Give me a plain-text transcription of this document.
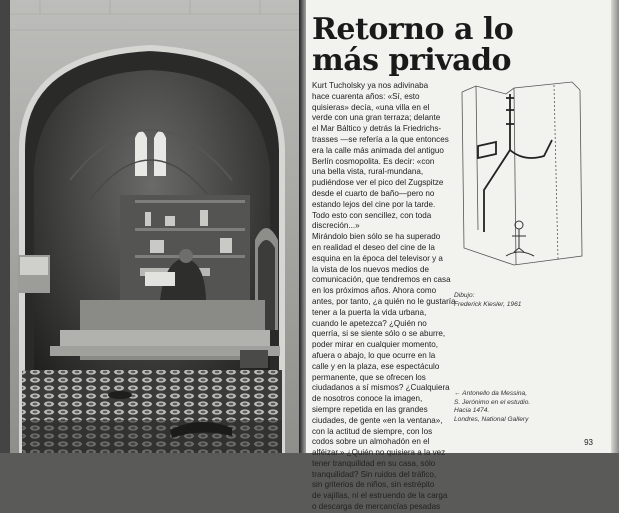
Retorno a lo más privado
Kurt Tucholsky ya nos adivinaba
hace cuarenta años: «Sí, esto
quisieras» decía, «una villa en el
verde con una gran terraza; delante
el Mar Báltico y detrás la Friedrichs-
trasses —se refería a la que entonces
era la calle más animada del antiguo
Berlín cosmopolita. Es decir: «con
una bella vista, rural-mundana,
pudiéndose ver el pico del Zugspitze
desde el cuarto de baño—pero no
estando lejos del cine por la tarde.
Todo esto con sencillez, con toda
discreción...»
Mirándolo bien sólo se ha superado
en realidad el deseo del cine de la
esquina en la época del televisor y a
la vista de los nuevos medios de
comunicación, que tendremos en casa
en los próximos años. Ahora como
antes, por tanto, ¿a quién no le gustaría
tener a la puerta la vida urbana,
cuando le apetezca? ¿Quién no
querría, si se siente sólo o se aburre,
poder mirar en cualquier momento,
afuera o abajo, lo que ocurre en la
calle y en la plaza, ese espectáculo
permanente, que se ofrecen los
ciudadanos a sí mismos? ¿Cualquiera
de nosotros conoce la imagen,
siempre repetida en las grandes
ciudades, de gente «en la ventana»,
con la actitud de siempre, con los
codos sobre un almohadón en el
alféizar.» ¿Quién no quisiera a la vez
tener tranquilidad en su casa, sólo
tranquilidad? Sin ruidos del tráfico,
sin griterios de niños, sin estrépito
de vajillas, ni el estruendo de la carga
o descarga de mercancías pesadas
Dibujo:
Frederick Kiesler, 1961
← Antonello da Messina,
S. Jerónimo en el estudio.
Hacia 1474.
Londres, National Gallery
93
